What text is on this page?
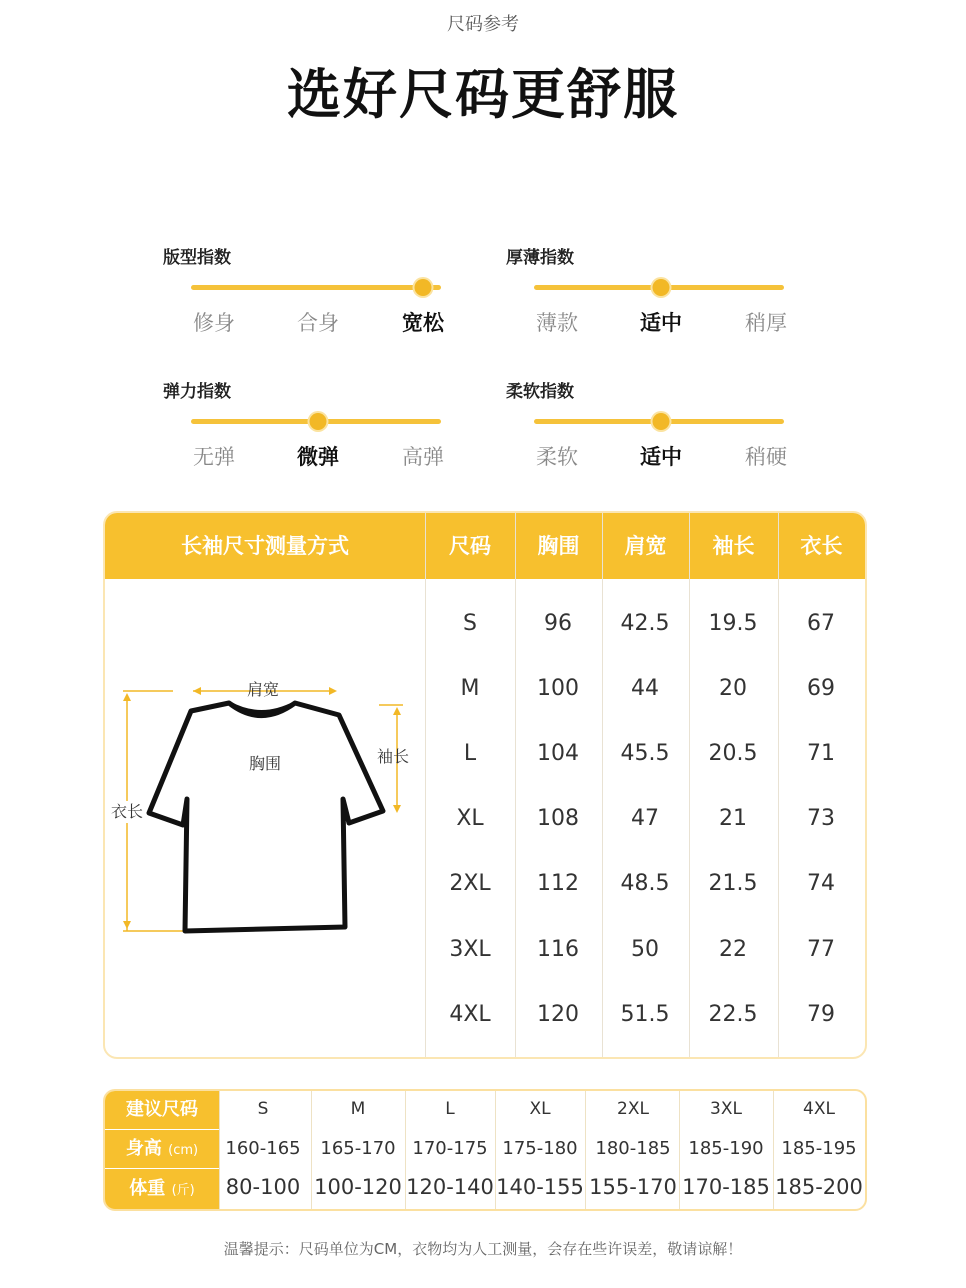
尺码参考
选好尺码更舒服
版型指数
修身	合身	宽松
厚薄指数
薄款	适中	稍厚
弹力指数
无弹	微弹	高弹
柔软指数
柔软	适中	稍硬
长袖尺寸测量方式	尺码	胸围	肩宽	袖长	衣长
S	96 42.5 19.5 67
M	100 44	20	69
L	104 45.5 20.5 71
XL 108 47	21	73
2XL 112 48.5 21.5 74
3XL 116 50	22	77
4XL 120 51.5 22.5 79
肩宽
胸围	袖长
衣长
建议尺码
身高 (cm)
体重 (斤)
S	M	L	XL	2XL	3XL	4XL
160-165 165-170 170-175 175-180 180-185 185-190 185-195
80-100 100-120 120-140 140-155 155-170 170-185 185-200
温馨提示：尺码单位为CM，衣物均为人工测量，会存在些许误差，敬请谅解！
